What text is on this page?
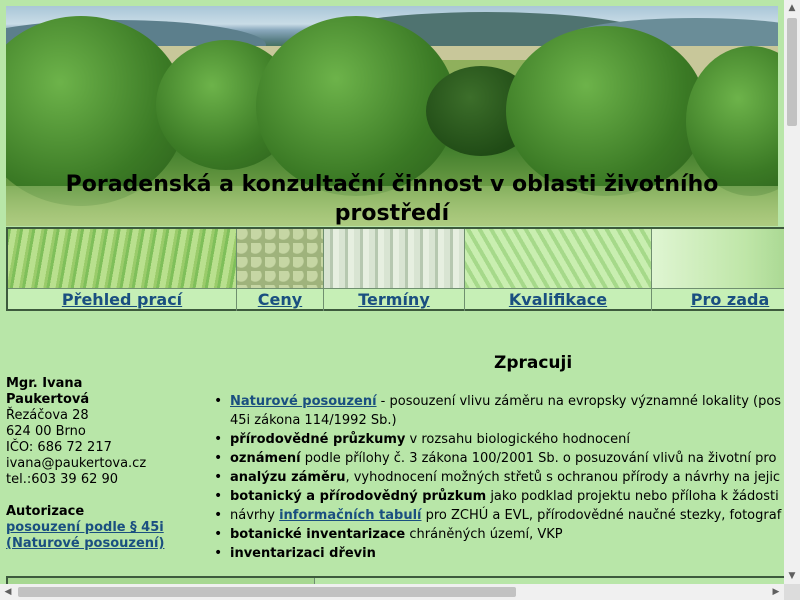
Poradenská a konzultační činnost v oblasti životního prostředí
Přehled prací	Ceny	Termíny	Kvalifikace	Pro zada
Mgr. Ivana
Paukertová
Řezáčova 28
624 00 Brno
IČO: 686 72 217
ivana@paukertova.cz
tel.:603 39 62 90
Autorizace
posouzení podle § 45i
(Naturové posouzení)
Zpracuji
• Naturové posouzení - posouzení vlivu záměru na evropsky významné lokality (pos
45i zákona 114/1992 Sb.)
• přírodovědné průzkumy v rozsahu biologického hodnocení
• oznámení podle přílohy č. 3 zákona 100/2001 Sb. o posuzování vlivů na životní pro
• analýzu záměru, vyhodnocení možných střetů s ochranou přírody a návrhy na jejic
• botanický a přírodovědný průzkum jako podklad projektu nebo příloha k žádosti
• návrhy informačních tabulí pro ZCHÚ a EVL, přírodovědné naučné stezky, fotograf
• botanické inventarizace chráněných území, VKP
• inventarizaci dřevin
▲
▼
◀	▶
